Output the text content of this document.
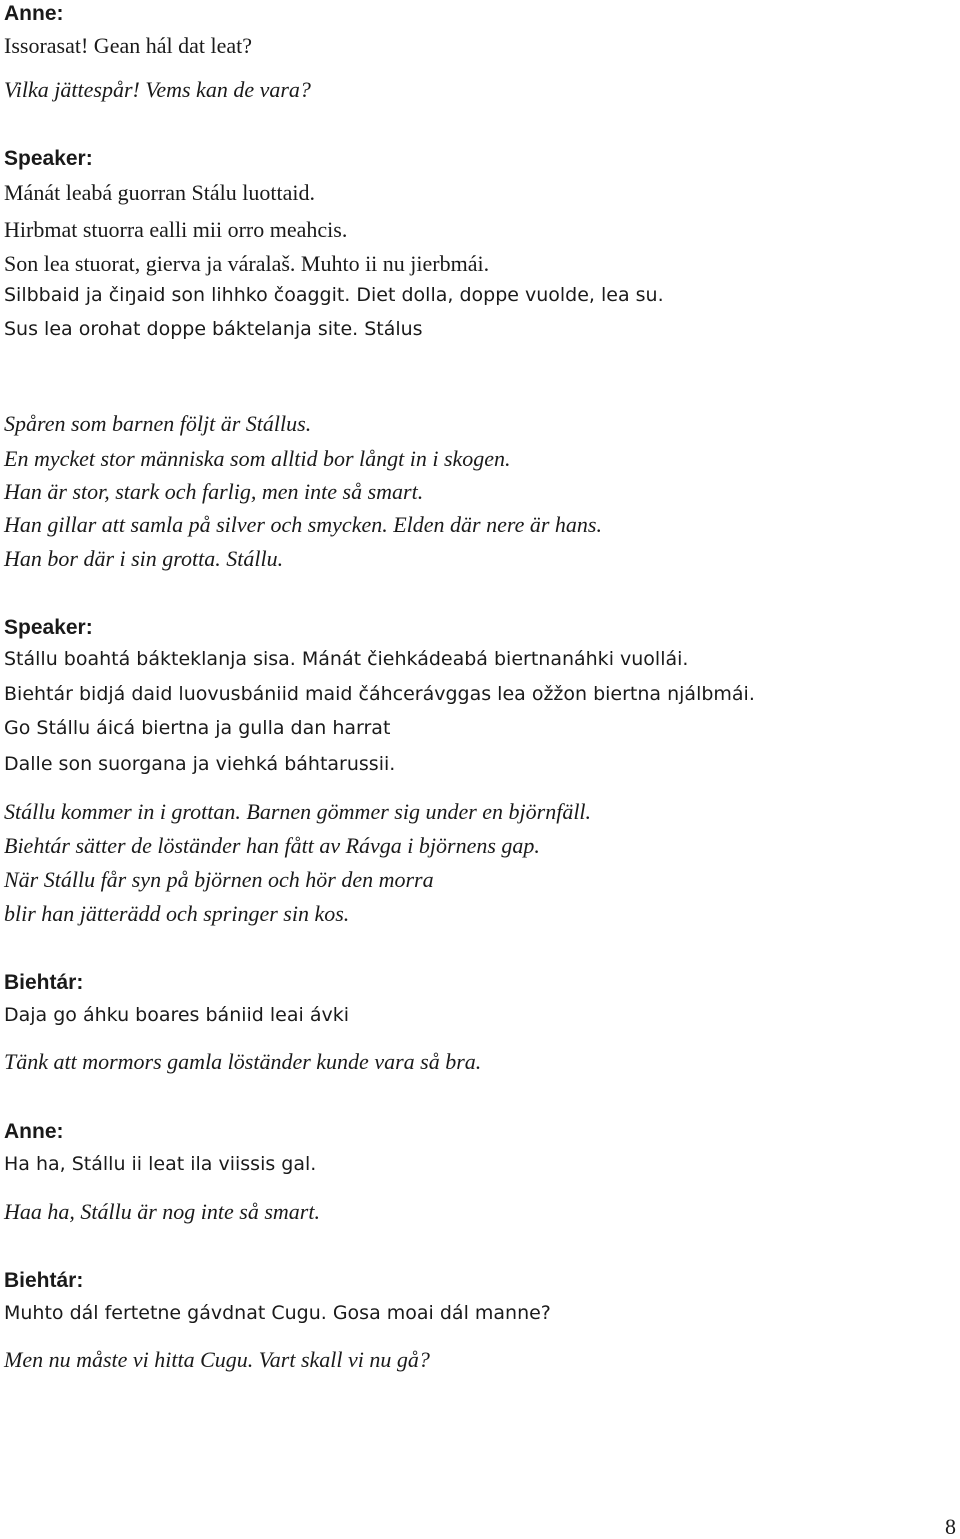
Anne:
Issorasat! Gean hál dat leat?
Vilka jättespår! Vems kan de vara?
Speaker:
Mánát leabá guorran Stálu luottaid.
Hirbmat stuorra ealli mii orro meahcis.
Son lea stuorat, gierva ja váralaš. Muhto ii nu jierbmái.
Silbbaid ja čiŋaid son lihhko čoaggit. Diet dolla, doppe vuolde, lea su.
Sus lea orohat doppe báktelanja site. Stálus
Spåren som barnen följt är Stállus.
En mycket stor människa som alltid bor långt in i skogen.
Han är stor, stark och farlig, men inte så smart.
Han gillar att samla på silver och smycken. Elden där nere är hans.
Han bor där i sin grotta. Stállu.
Speaker:
Stállu boahtá bákteklanja sisa. Mánát čiehkádeabá biertnanáhki vuollái.
Biehtár bidjá daid luovusbániid maid čáhcerávggas lea ožžon biertna njálbmái.
Go Stállu áicá biertna ja gulla dan harrat
Dalle son suorgana ja viehká báhtarussii.
Stállu kommer in i grottan. Barnen gömmer sig under en björnfäll.
Biehtár sätter de löständer han fått av Rávga i björnens gap.
När Stállu får syn på björnen och hör den morra
blir han jätterädd och springer sin kos.
Biehtár:
Daja go áhku boares bániid leai ávki
Tänk att mormors gamla löständer kunde vara så bra.
Anne:
Ha ha, Stállu ii leat ila viissis gal.
Haa ha, Stállu är nog inte så smart.
Biehtár:
Muhto dál fertetne gávdnat Cugu. Gosa moai dál manne?
Men nu måste vi hitta Cugu. Vart skall vi nu gå?
8
